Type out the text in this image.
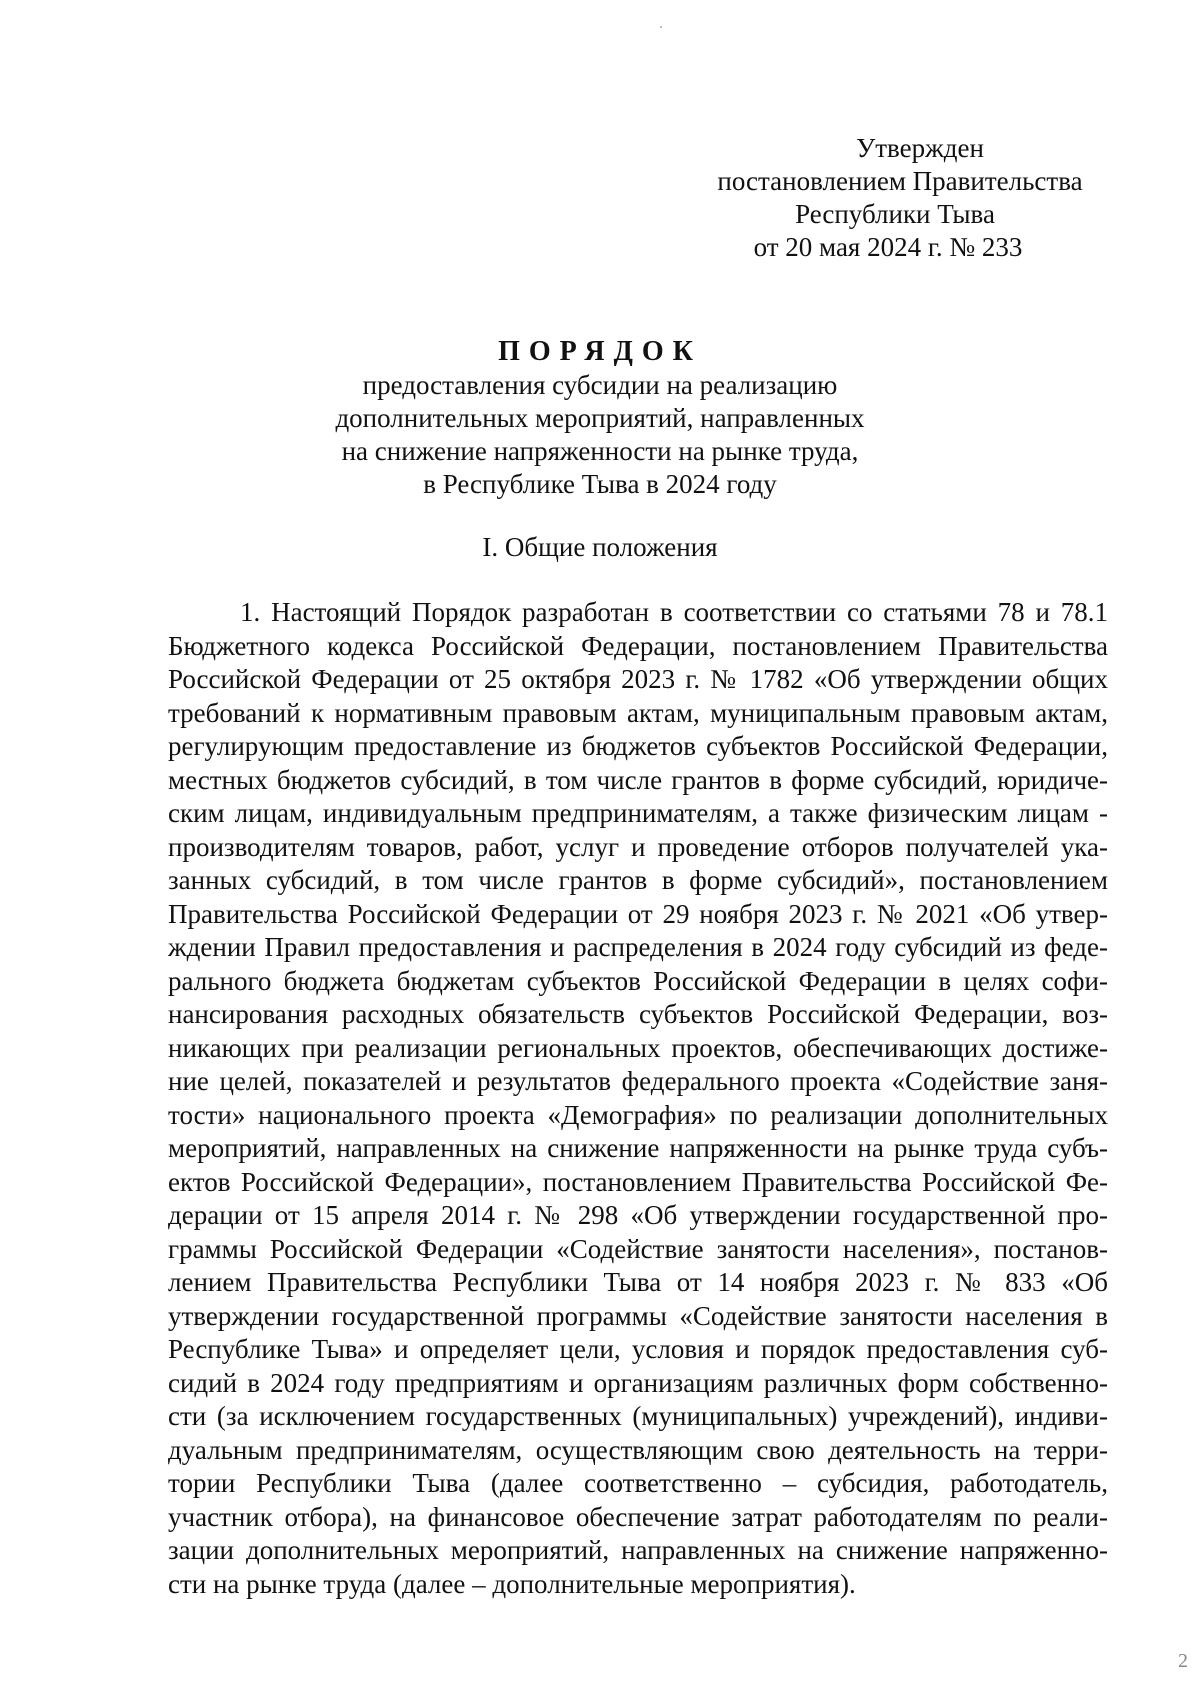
Утвержден
постановлением Правительства
Республики Тыва
от 20 мая 2024 г. № 233
ПОРЯДОК
предоставления субсидии на реализацию
дополнительных мероприятий, направленных
на снижение напряженности на рынке труда,
в Республике Тыва в 2024 году
I. Общие положения
1. Настоящий Порядок разработан в соответствии со статьями 78 и 78.1
Бюджетного кодекса Российской Федерации, постановлением Правительства
Российской Федерации от 25 октября 2023 г. № 1782 «Об утверждении общих
требований к нормативным правовым актам, муниципальным правовым актам,
регулирующим предоставление из бюджетов субъектов Российской Федерации,
местных бюджетов субсидий, в том числе грантов в форме субсидий, юридиче-
ским лицам, индивидуальным предпринимателям, а также физическим лицам -
производителям товаров, работ, услуг и проведение отборов получателей ука-
занных субсидий, в том числе грантов в форме субсидий», постановлением
Правительства Российской Федерации от 29 ноября 2023 г. № 2021 «Об утвер-
ждении Правил предоставления и распределения в 2024 году субсидий из феде-
рального бюджета бюджетам субъектов Российской Федерации в целях софи-
нансирования расходных обязательств субъектов Российской Федерации, воз-
никающих при реализации региональных проектов, обеспечивающих достиже-
ние целей, показателей и результатов федерального проекта «Содействие заня-
тости» национального проекта «Демография» по реализации дополнительных
мероприятий, направленных на снижение напряженности на рынке труда субъ-
ектов Российской Федерации», постановлением Правительства Российской Фе-
дерации от 15 апреля 2014 г. № 298 «Об утверждении государственной про-
граммы Российской Федерации «Содействие занятости населения», постанов-
лением Правительства Республики Тыва от 14 ноября 2023 г. № 833 «Об
утверждении государственной программы «Содействие занятости населения в
Республике Тыва» и определяет цели, условия и порядок предоставления суб-
сидий в 2024 году предприятиям и организациям различных форм собственно-
сти (за исключением государственных (муниципальных) учреждений), индиви-
дуальным предпринимателям, осуществляющим свою деятельность на терри-
тории Республики Тыва (далее соответственно – субсидия, работодатель,
участник отбора), на финансовое обеспечение затрат работодателям по реали-
зации дополнительных мероприятий, направленных на снижение напряженно-
сти на рынке труда (далее – дополнительные мероприятия).
2
